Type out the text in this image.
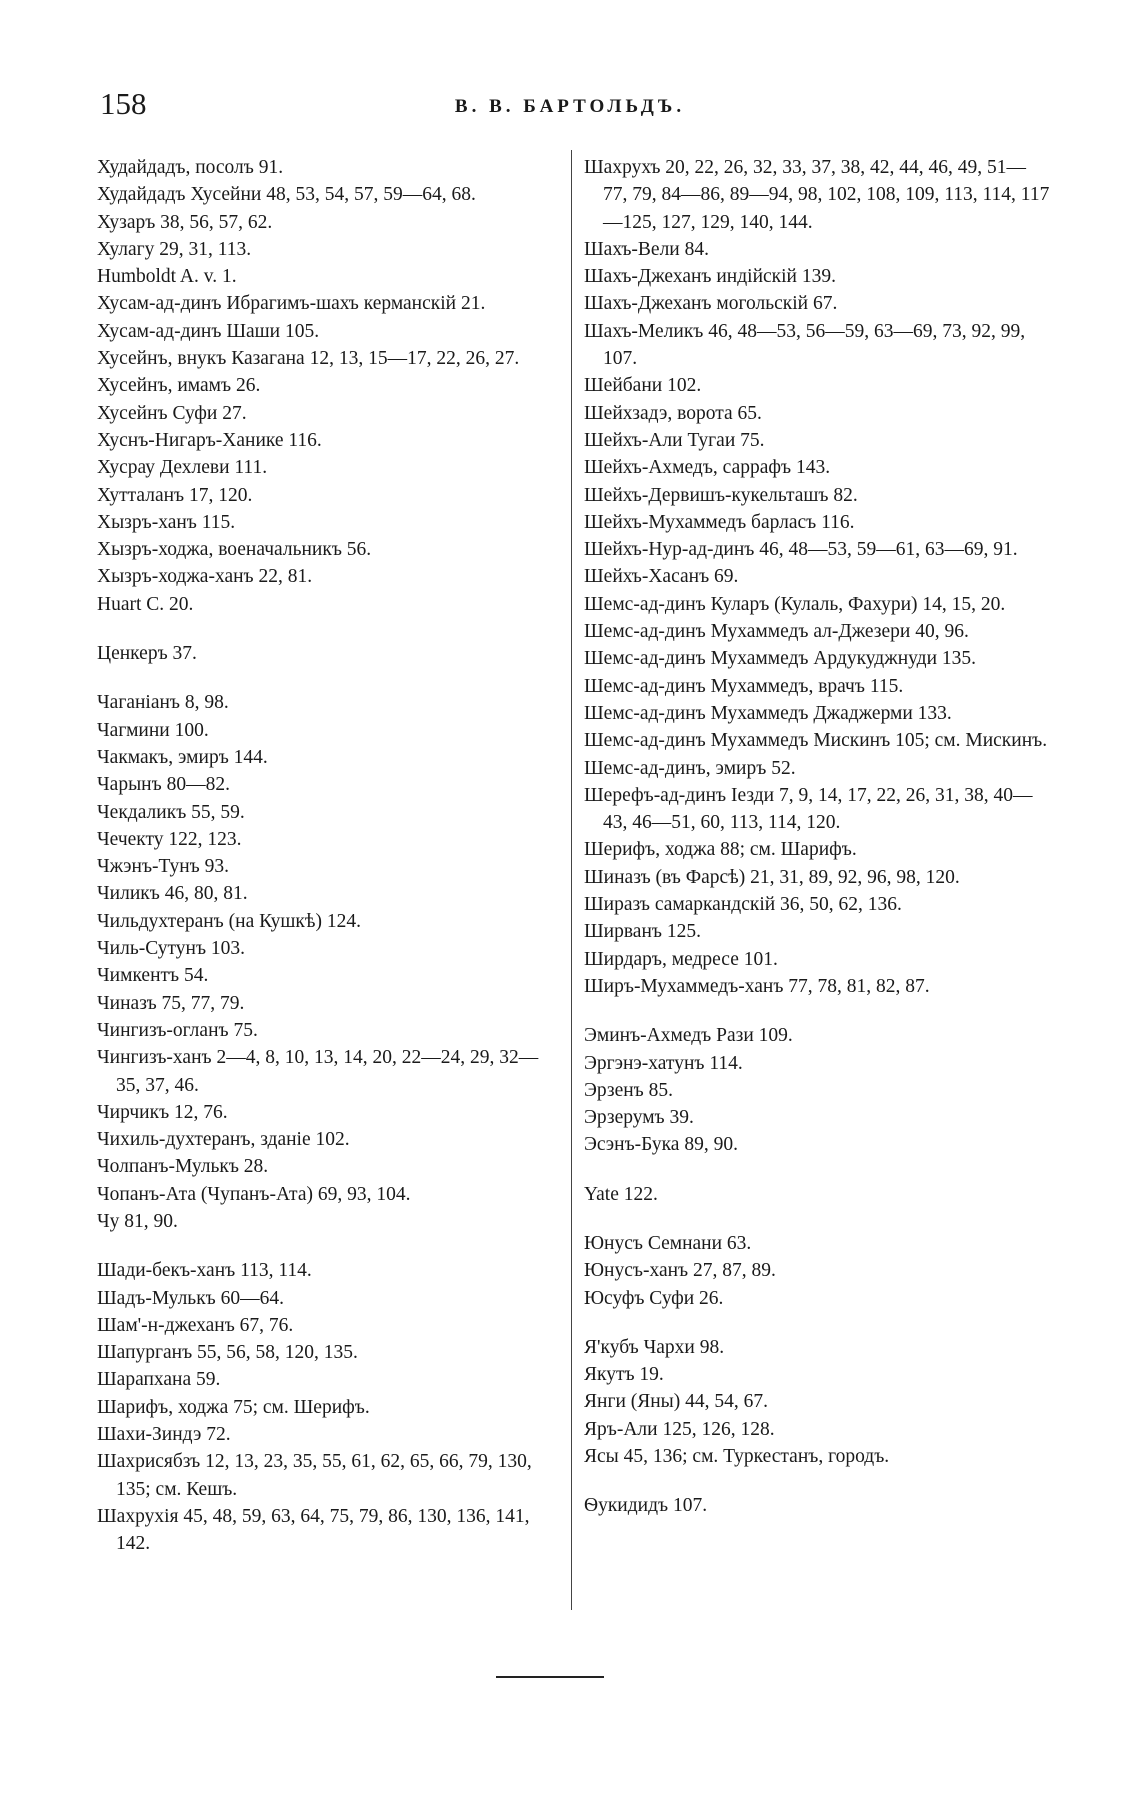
158	В. В. БАРТОЛЬДЪ.
Худайдадъ, посолъ 91.
Худайдадъ Хусейни 48, 53, 54, 57, 59—64, 68.
Хузаръ 38, 56, 57, 62.
Хулагу 29, 31, 113.
Humboldt A. v. 1.
Хусам-ад-динъ Ибрагимъ-шахъ керманскій 21.
Хусам-ад-динъ Шаши 105.
Хусейнъ, внукъ Казагана 12, 13, 15—17, 22, 26, 27.
Хусейнъ, имамъ 26.
Хусейнъ Суфи 27.
Хуснъ-Нигаръ-Ханике 116.
Хусрау Дехлеви 111.
Хутталанъ 17, 120.
Хызръ-ханъ 115.
Хызръ-ходжа, военачальникъ 56.
Хызръ-ходжа-ханъ 22, 81.
Huart C. 20.
Ценкеръ 37.
Чаганіанъ 8, 98.
Чагмини 100.
Чакмакъ, эмиръ 144.
Чарынъ 80—82.
Чекдаликъ 55, 59.
Чечекту 122, 123.
Чжэнъ-Тунъ 93.
Чиликъ 46, 80, 81.
Чильдухтеранъ (на Кушкѣ) 124.
Чиль-Сутунъ 103.
Чимкентъ 54.
Чиназъ 75, 77, 79.
Чингизъ-огланъ 75.
Чингизъ-ханъ 2—4, 8, 10, 13, 14, 20, 22—24, 29, 32—35, 37, 46.
Чирчикъ 12, 76.
Чихиль-духтеранъ, зданіе 102.
Чолпанъ-Мулькъ 28.
Чопанъ-Ата (Чупанъ-Ата) 69, 93, 104.
Чу 81, 90.
Шади-бекъ-ханъ 113, 114.
Шадъ-Мулькъ 60—64.
Шам'-н-джеханъ 67, 76.
Шапурганъ 55, 56, 58, 120, 135.
Шарапхана 59.
Шарифъ, ходжа 75; см. Шерифъ.
Шахи-Зиндэ 72.
Шахрисябзъ 12, 13, 23, 35, 55, 61, 62, 65, 66, 79, 130, 135; см. Кешъ.
Шахрухія 45, 48, 59, 63, 64, 75, 79, 86, 130, 136, 141, 142.
Шахрухъ 20, 22, 26, 32, 33, 37, 38, 42, 44, 46, 49, 51—77, 79, 84—86, 89—94, 98, 102, 108, 109, 113, 114, 117—125, 127, 129, 140, 144.
Шахъ-Вели 84.
Шахъ-Джеханъ индійскій 139.
Шахъ-Джеханъ могольскій 67.
Шахъ-Меликъ 46, 48—53, 56—59, 63—69, 73, 92, 99, 107.
Шейбани 102.
Шейхзадэ, ворота 65.
Шейхъ-Али Тугаи 75.
Шейхъ-Ахмедъ, саррафъ 143.
Шейхъ-Дервишъ-кукельташъ 82.
Шейхъ-Мухаммедъ барласъ 116.
Шейхъ-Нур-ад-динъ 46, 48—53, 59—61, 63—69, 91.
Шейхъ-Хасанъ 69.
Шемс-ад-динъ Куларъ (Кулаль, Фахури) 14, 15, 20.
Шемс-ад-динъ Мухаммедъ ал-Джезери 40, 96.
Шемс-ад-динъ Мухаммедъ Ардукуджнуди 135.
Шемс-ад-динъ Мухаммедъ, врачъ 115.
Шемс-ад-динъ Мухаммедъ Джаджерми 133.
Шемс-ад-динъ Мухаммедъ Мискинъ 105; см. Мискинъ.
Шемс-ад-динъ, эмиръ 52.
Шерефъ-ад-динъ Іезди 7, 9, 14, 17, 22, 26, 31, 38, 40—43, 46—51, 60, 113, 114, 120.
Шерифъ, ходжа 88; см. Шарифъ.
Шиназъ (въ Фарсѣ) 21, 31, 89, 92, 96, 98, 120.
Ширазъ самаркандскій 36, 50, 62, 136.
Ширванъ 125.
Ширдаръ, медресе 101.
Ширъ-Мухаммедъ-ханъ 77, 78, 81, 82, 87.
Эминъ-Ахмедъ Рази 109.
Эргэнэ-хатунъ 114.
Эрзенъ 85.
Эрзерумъ 39.
Эсэнъ-Бука 89, 90.
Yate 122.
Юнусъ Семнани 63.
Юнусъ-ханъ 27, 87, 89.
Юсуфъ Суфи 26.
Я'кубъ Чархи 98.
Якутъ 19.
Янги (Яны) 44, 54, 67.
Яръ-Али 125, 126, 128.
Ясы 45, 136; см. Туркестанъ, городъ.
Ѳукидидъ 107.
